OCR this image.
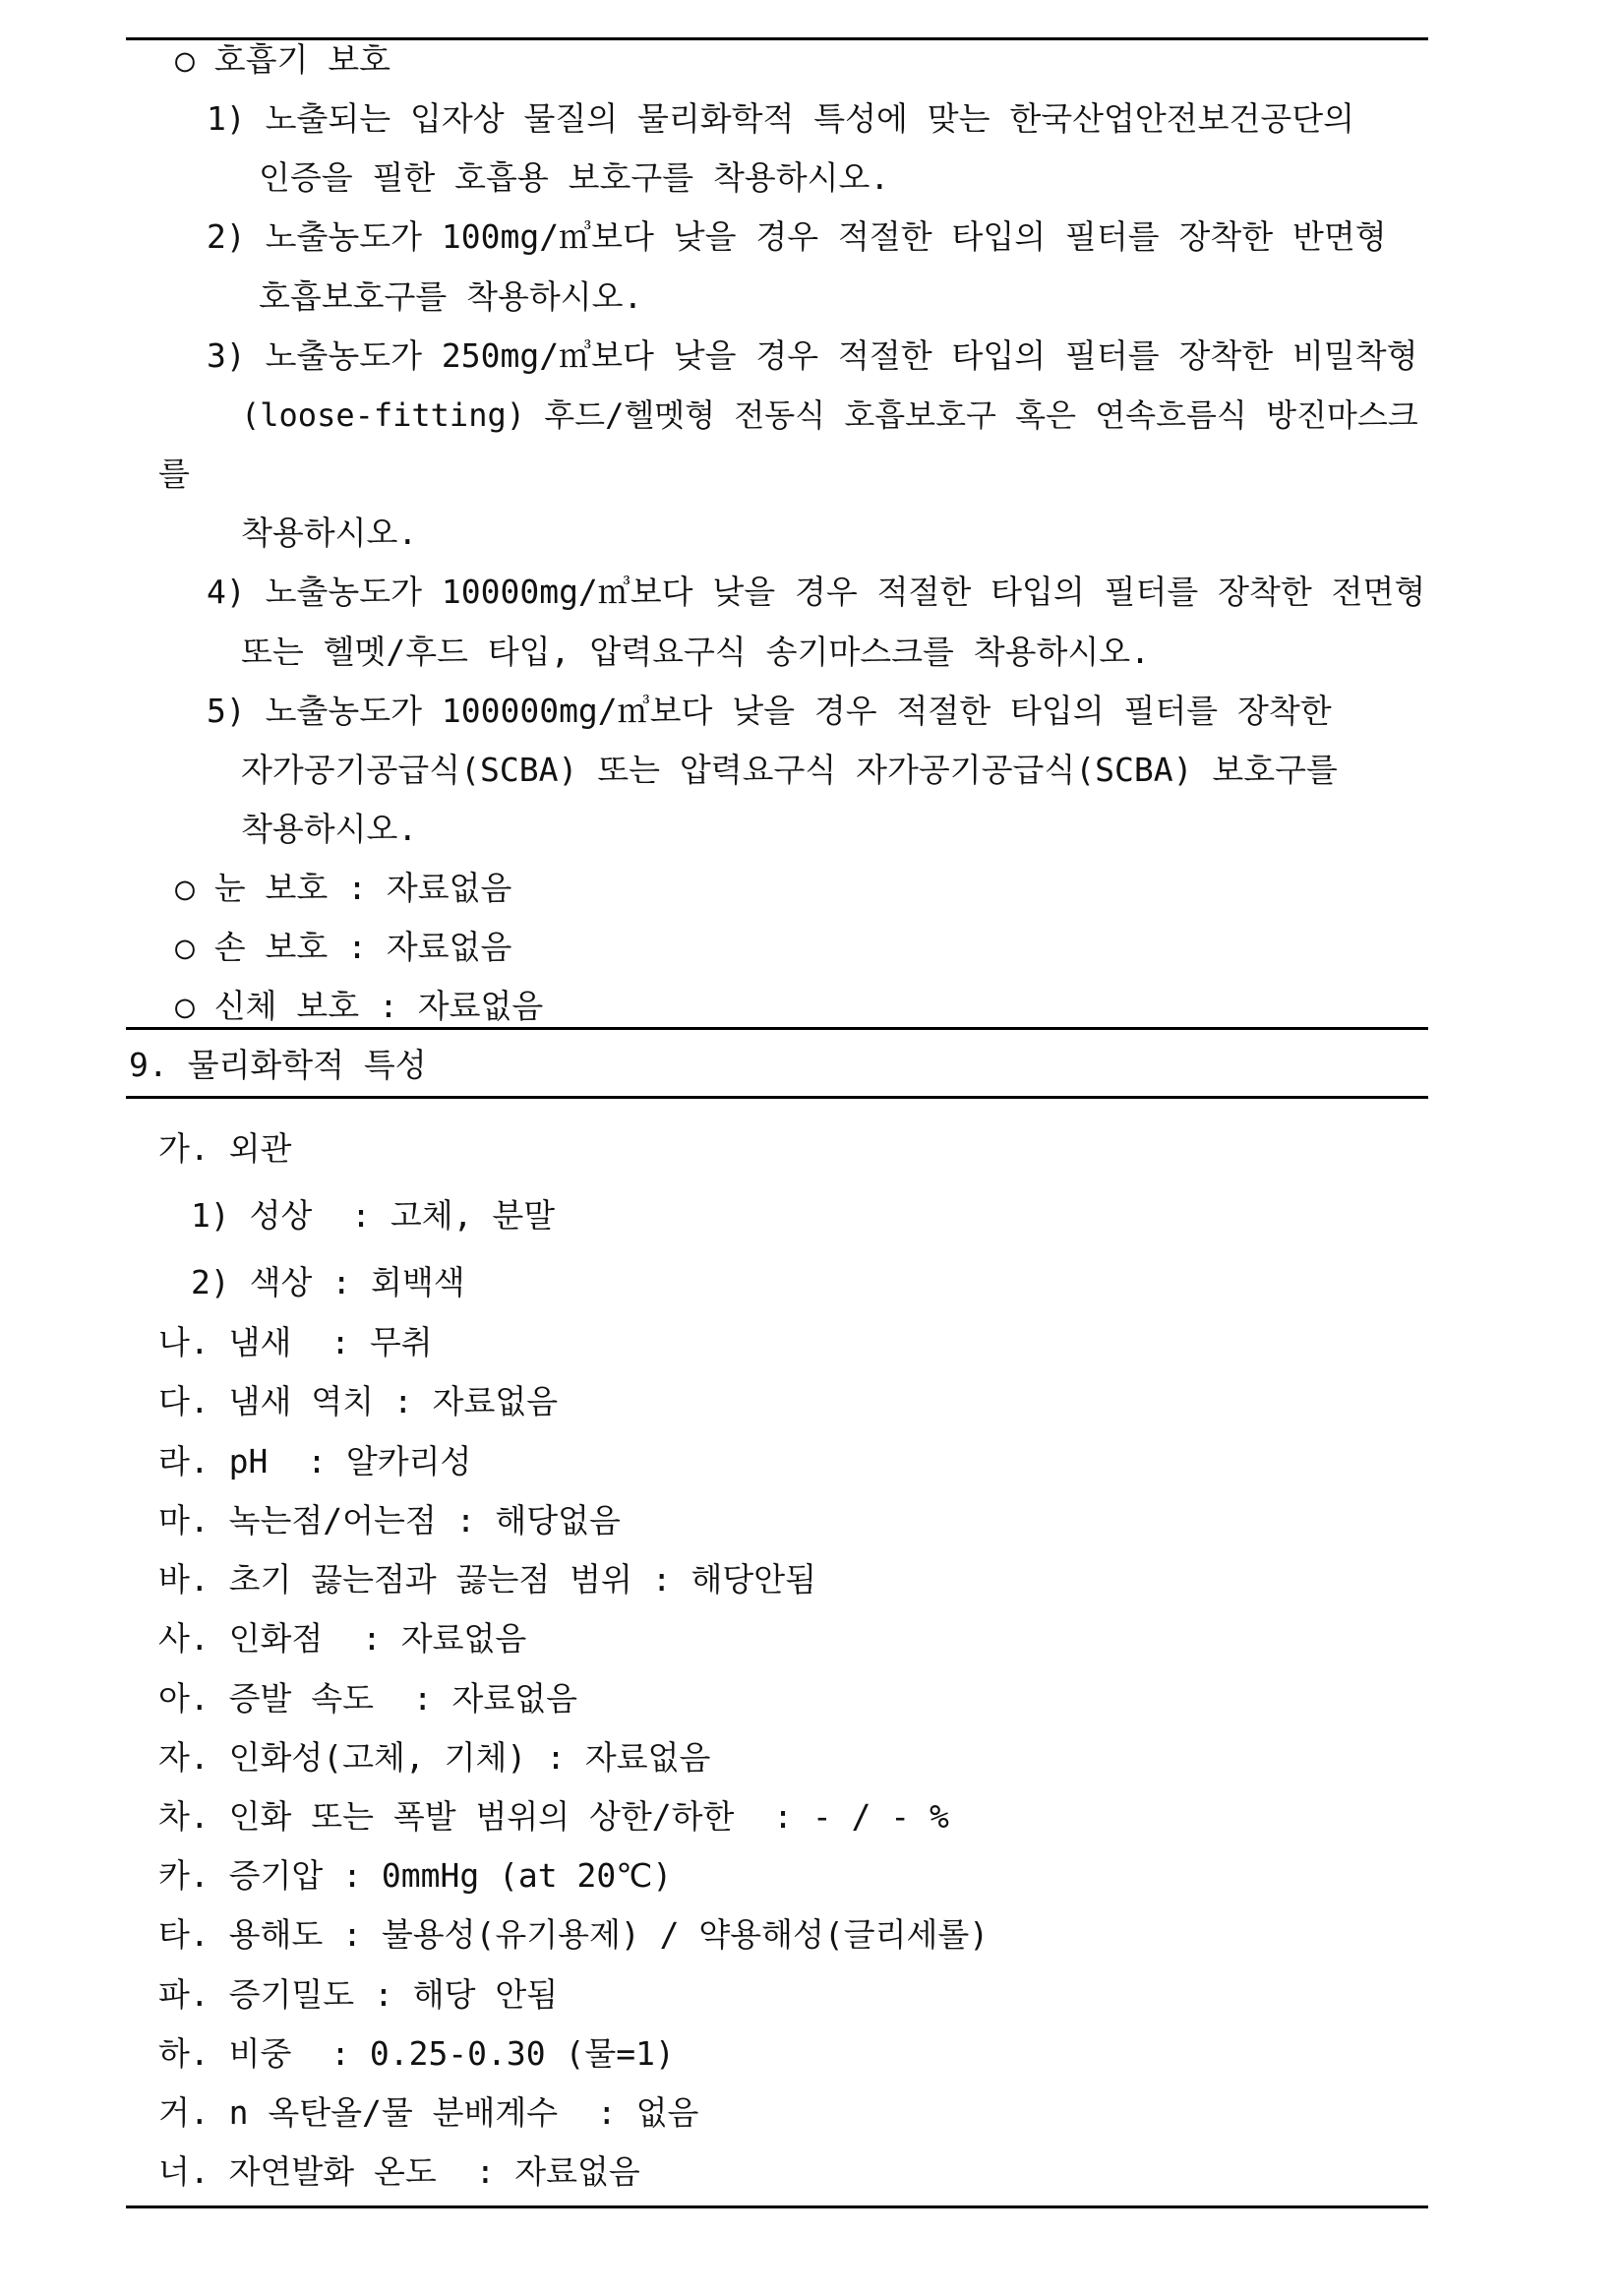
○ 호흡기 보호
1) 노출되는 입자상 물질의 물리화학적 특성에 맞는 한국산업안전보건공단의
인증을 필한 호흡용 보호구를 착용하시오.
2) 노출농도가 100mg/㎥보다 낮을 경우 적절한 타입의 필터를 장착한 반면형
호흡보호구를 착용하시오.
3) 노출농도가 250mg/㎥보다 낮을 경우 적절한 타입의 필터를 장착한 비밀착형
(loose-fitting) 후드/헬멧형 전동식 호흡보호구 혹은 연속흐름식 방진마스크
를
착용하시오.
4) 노출농도가 10000mg/㎥보다 낮을 경우 적절한 타입의 필터를 장착한 전면형
또는 헬멧/후드 타입, 압력요구식 송기마스크를 착용하시오.
5) 노출농도가 100000mg/㎥보다 낮을 경우 적절한 타입의 필터를 장착한
자가공기공급식(SCBA) 또는 압력요구식 자가공기공급식(SCBA) 보호구를
착용하시오.
○ 눈 보호 : 자료없음
○ 손 보호 : 자료없음
○ 신체 보호 : 자료없음
9. 물리화학적 특성
가. 외관
1) 성상  : 고체, 분말
2) 색상 : 회백색
나. 냄새  : 무취
다. 냄새 역치 : 자료없음
라. pH  : 알카리성
마. 녹는점/어는점 : 해당없음
바. 초기 끓는점과 끓는점 범위 : 해당안됨
사. 인화점  : 자료없음
아. 증발 속도  : 자료없음
자. 인화성(고체, 기체) : 자료없음
차. 인화 또는 폭발 범위의 상한/하한  : - / - %
카. 증기압 : 0mmHg (at 20℃)
타. 용해도 : 불용성(유기용제) / 약용해성(글리세롤)
파. 증기밀도 : 해당 안됨
하. 비중  : 0.25-0.30 (물=1)
거. n 옥탄올/물 분배계수  : 없음
너. 자연발화 온도  : 자료없음
